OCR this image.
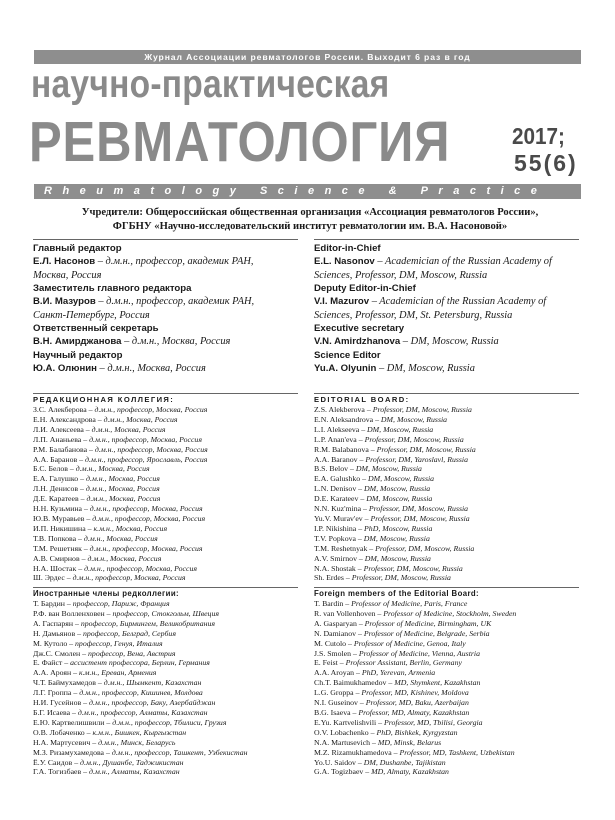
Журнал Ассоциации ревматологов России. Выходит 6 раз в год
научно-практическая
РЕВМАТОЛОГИЯ	2017;
55(6)
Rheumatology Science & Practice
Учредители: Общероссийская общественная организация «Ассоциация ревматологов России»,
ФГБНУ «Научно-исследовательский институт ревматологии им. В.А. Насоновой»
Главный редактор
Е.Л. Насонов – д.м.н., профессор, академик РАН,
Москва, Россия
Заместитель главного редактора
В.И. Мазуров – д.м.н., профессор, академик РАН,
Санкт-Петербург, Россия
Ответственный секретарь
В.Н. Амирджанова – д.м.н., Москва, Россия
Научный редактор
Ю.А. Олюнин – д.м.н., Москва, Россия
Editor-in-Chief
E.L. Nasonov – Academician of the Russian Academy of
Sciences, Professor, DM, Moscow, Russia
Deputy Editor-in-Chief
V.I. Mazurov – Academician of the Russian Academy of
Sciences, Professor, DM, St. Petersburg, Russia
Executive secretary
V.N. Amirdzhanova – DM, Moscow, Russia
Science Editor
Yu.A. Olyunin – DM, Moscow, Russia
РЕДАКЦИОННАЯ КОЛЛЕГИЯ:
З.С. Алекберова – д.м.н., профессор, Москва, Россия
Е.Н. Александрова – д.м.н., Москва, Россия
Л.И. Алексеева – д.м.н., Москва, Россия
Л.П. Ананьева – д.м.н., профессор, Москва, Россия
Р.М. Балабанова – д.м.н., профессор, Москва, Россия
А.А. Баранов – д.м.н., профессор, Ярославль, Россия
Б.С. Белов – д.м.н., Москва, Россия
Е.А. Галушко – д.м.н., Москва, Россия
Л.Н. Денисов – д.м.н., Москва, Россия
Д.Е. Каратеев – д.м.н., Москва, Россия
Н.Н. Кузьмина – д.м.н., профессор, Москва, Россия
Ю.В. Муравьев – д.м.н., профессор, Москва, Россия
И.П. Никишина – к.м.н., Москва, Россия
Т.В. Попкова – д.м.н., Москва, Россия
Т.М. Решетняк – д.м.н., профессор, Москва, Россия
А.В. Смирнов – д.м.н., Москва, Россия
Н.А. Шостак – д.м.н., профессор, Москва, Россия
Ш. Эрдес – д.м.н., профессор, Москва, Россия
EDITORIAL BOARD:
Z.S. Alekberova – Professor, DM, Moscow, Russia
E.N. Aleksandrova – DM, Moscow, Russia
L.I. Alekseeva – DM, Moscow, Russia
L.P. Anan'eva – Professor, DM, Moscow, Russia
R.M. Balabanova – Professor, DM, Moscow, Russia
A.A. Baranov – Professor, DM, Yaroslavl, Russia
B.S. Belov – DM, Moscow, Russia
E.A. Galushko – DM, Moscow, Russia
L.N. Denisov – DM, Moscow, Russia
D.E. Karateev – DM, Moscow, Russia
N.N. Kuz'mina – Professor, DM, Moscow, Russia
Yu.V. Murav'ev – Professor, DM, Moscow, Russia
I.P. Nikishina – PhD, Moscow, Russia
T.V. Popkova – DM, Moscow, Russia
T.M. Reshetnyak – Professor, DM, Moscow, Russia
A.V. Smirnov – DM, Moscow, Russia
N.A. Shostak – Professor, DM, Moscow, Russia
Sh. Erdes – Professor, DM, Moscow, Russia
Иностранные члены редколлегии:
Т. Бардин – профессор, Париж, Франция
Р.Ф. ван Волленховен – профессор, Стокгольм, Швеция
А. Гаспарян – профессор, Бирмингем, Великобритания
Н. Дамьянов – профессор, Белград, Сербия
М. Кутоло – профессор, Генуя, Италия
Дж.С. Смолен – профессор, Вена, Австрия
Е. Файст – ассистент профессора, Берлин, Германия
А.А. Ароян – к.м.н., Ереван, Армения
Ч.Т. Баймухамедов – д.м.н., Шымкент, Казахстан
Л.Г. Гроппа – д.м.н., профессор, Кишинев, Молдова
Н.И. Гусейнов – д.м.н., профессор, Баку, Азербайджан
Б.Г. Исаева – д.м.н., профессор, Алматы, Казахстан
Е.Ю. Картвелишвили – д.м.н., профессор, Тбилиси, Грузия
О.В. Лобаченко – к.м.н., Бишкек, Кыргызстан
Н.А. Мартусевич – д.м.н., Минск, Беларусь
М.З. Ризамухамедова – д.м.н., профессор, Ташкент, Узбекистан
Ё.У. Саидов – д.м.н., Душанбе, Таджикистан
Г.А. Тогизбаев – д.м.н., Алматы, Казахстан
Foreign members of the Editorial Board:
T. Bardin – Professor of Medicine, Paris, France
R. van Vollenhoven – Professor of Medicine, Stockholm, Sweden
A. Gasparyan – Professor of Medicine, Birmingham, UK
N. Damianov – Professor of Medicine, Belgrade, Serbia
M. Cutolo – Professor of Medicine, Genoa, Italy
J.S. Smolen – Professor of Medicine, Vienna, Austria
E. Feist – Professor Assistant, Berlin, Germany
A.A. Aroyan – PhD, Yerevan, Armenia
Ch.T. Baimukhamedov – MD, Shymkent, Kazakhstan
L.G. Groppa – Professor, MD, Kishinev, Moldova
N.I. Guseinov – Professor, MD, Baku, Azerbaijan
B.G. Isaeva – Professor, MD, Almaty, Kazakhstan
E.Yu. Kartvelishvili – Professor, MD, Tbilisi, Georgia
O.V. Lobachenko – PhD, Bishkek, Kyrgyzstan
N.A. Martusevich – MD, Minsk, Belarus
M.Z. Rizamukhamedova – Professor, MD, Tashkent, Uzbekistan
Yo.U. Saidov – DM, Dushanbe, Tajikistan
G.A. Togizbaev – MD, Almaty, Kazakhstan
